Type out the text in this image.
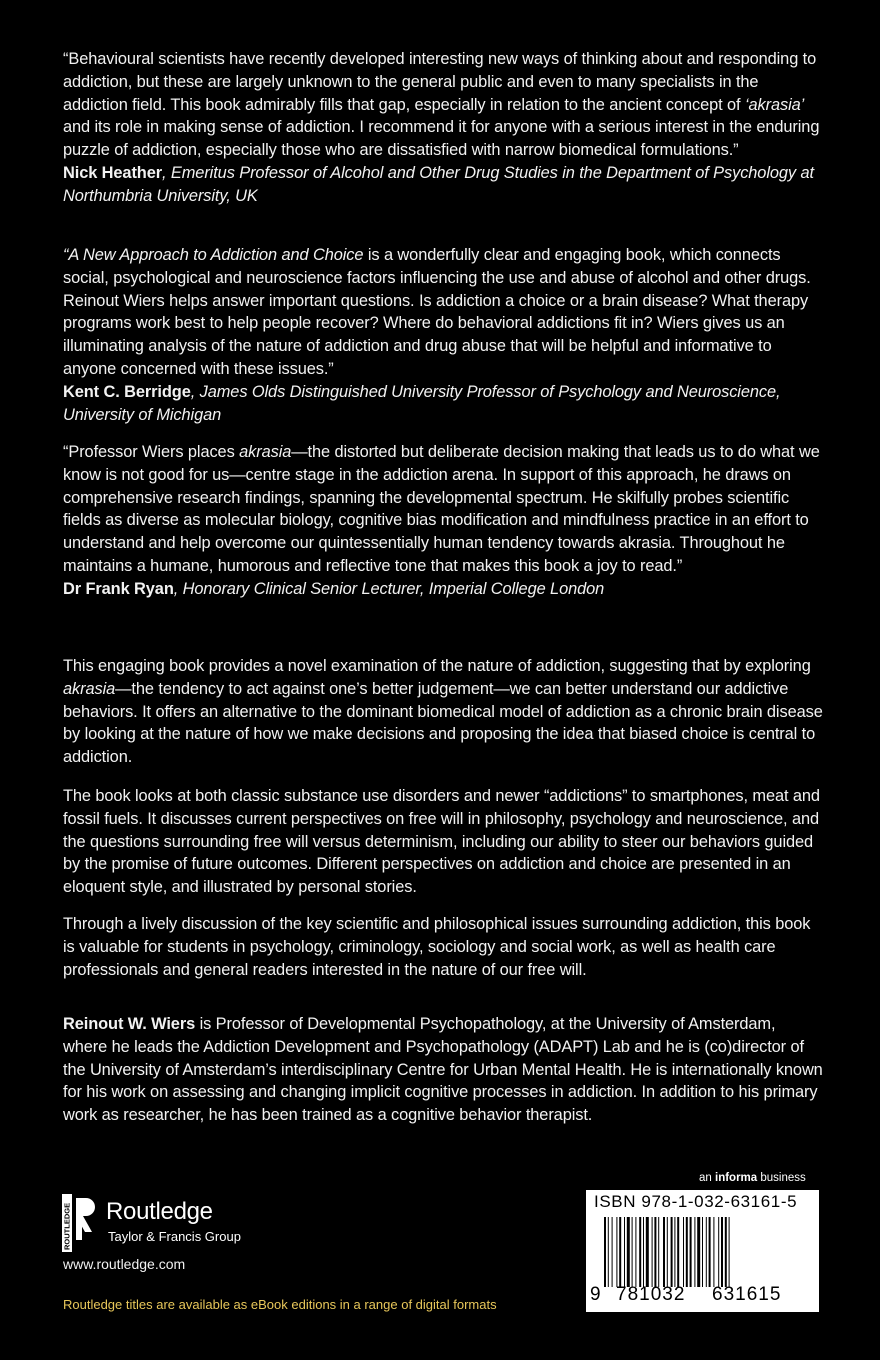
“Behavioural scientists have recently developed interesting new ways of thinking about and responding to addiction, but these are largely unknown to the general public and even to many specialists in the addiction field. This book admirably fills that gap, especially in relation to the ancient concept of ‘akrasia’ and its role in making sense of addiction. I recommend it for anyone with a serious interest in the enduring puzzle of addiction, especially those who are dissatisfied with narrow biomedical formulations.”

Nick Heather, Emeritus Professor of Alcohol and Other Drug Studies in the Department of Psychology at Northumbria University, UK

“A New Approach to Addiction and Choice is a wonderfully clear and engaging book, which connects social, psychological and neuroscience factors influencing the use and abuse of alcohol and other drugs. Reinout Wiers helps answer important questions. Is addiction a choice or a brain disease? What therapy programs work best to help people recover? Where do behavioral addictions fit in? Wiers gives us an illuminating analysis of the nature of addiction and drug abuse that will be helpful and informative to anyone concerned with these issues.”

Kent C. Berridge, James Olds Distinguished University Professor of Psychology and Neuroscience, University of Michigan

“Professor Wiers places akrasia—the distorted but deliberate decision making that leads us to do what we know is not good for us—centre stage in the addiction arena. In support of this approach, he draws on comprehensive research findings, spanning the developmental spectrum. He skilfully probes scientific fields as diverse as molecular biology, cognitive bias modification and mindfulness practice in an effort to understand and help overcome our quintessentially human tendency towards akrasia. Throughout he maintains a humane, humorous and reflective tone that makes this book a joy to read.”

Dr Frank Ryan, Honorary Clinical Senior Lecturer, Imperial College London

This engaging book provides a novel examination of the nature of addiction, suggesting that by exploring akrasia—the tendency to act against one’s better judgement—we can better understand our addictive behaviors. It offers an alternative to the dominant biomedical model of addiction as a chronic brain disease by looking at the nature of how we make decisions and proposing the idea that biased choice is central to addiction.

The book looks at both classic substance use disorders and newer “addictions” to smartphones, meat and fossil fuels. It discusses current perspectives on free will in philosophy, psychology and neuroscience, and the questions surrounding free will versus determinism, including our ability to steer our behaviors guided by the promise of future outcomes. Different perspectives on addiction and choice are presented in an eloquent style, and illustrated by personal stories.

Through a lively discussion of the key scientific and philosophical issues surrounding addiction, this book is valuable for students in psychology, criminology, sociology and social work, as well as health care professionals and general readers interested in the nature of our free will.

Reinout W. Wiers is Professor of Developmental Psychopathology, at the University of Amsterdam, where he leads the Addiction Development and Psychopathology (ADAPT) Lab and he is (co)director of the University of Amsterdam’s interdisciplinary Centre for Urban Mental Health. He is internationally known for his work on assessing and changing implicit cognitive processes in addiction. In addition to his primary work as researcher, he has been trained as a cognitive behavior therapist.

ROUTLEDGE Routledge
Taylor & Francis Group
www.routledge.com
Routledge titles are available as eBook editions in a range of digital formats
an informa business
ISBN 978-1-032-63161-5
9 781032 631615
